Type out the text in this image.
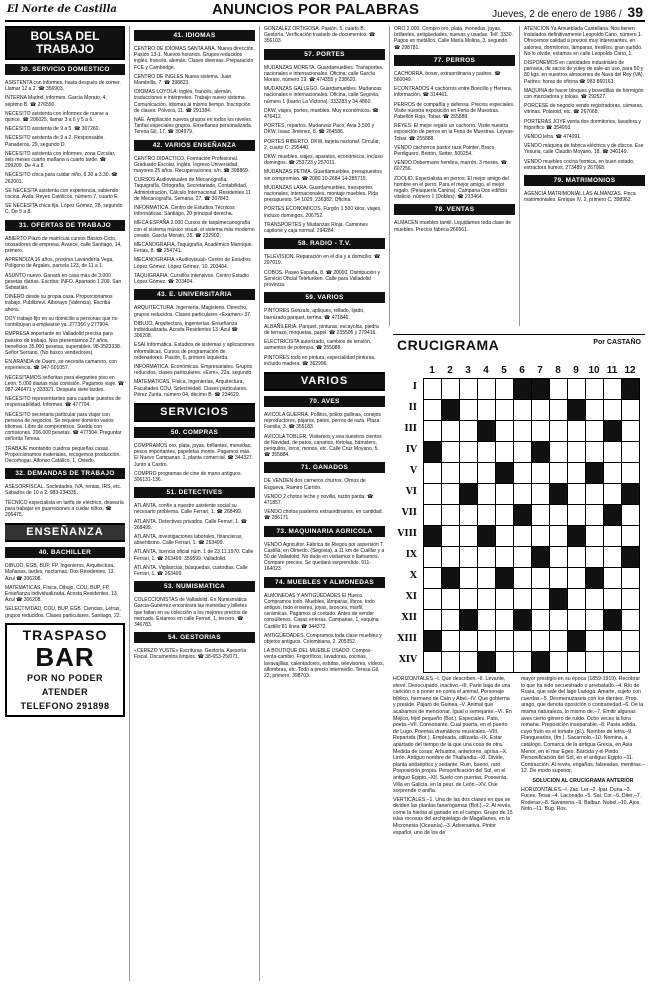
El Norte de Castilla	ANUNCIOS POR PALABRAS	Jueves, 2 de enero de 1986 / 39
BOLSA DEL
TRABAJO
30. SERVICIO DOMESTICO

ASISTENTA con informes, hasta después de comer. Llamar 12 a 2. ☎ 356903.

INTERNA Madrid, informes. Garcia Morato, 4, séptimo B. ☎ 276550.

NECESITO asistenta con informes de nueve a quince. ☎ 206025, llamar 3 a 6 y 5 a 6.

NECESITO asistenta de 9 a 5. ☎ 307260.

NECESITO asistenta de 9 a 2. Responsable. Panaderos, 29, segundo D.

NECESITO asistenta con informes, zona Circular, seis meses cuarto mañana a cuarto tarde. ☎ 299209. De 4 a 8.

NECESITO chica para cuidar niño, 6.30 a 3.30. ☎ 262001.

SE NECESITA asistenta con experiencia, sabiendo cocina. Avda. Reyes Católicos, número 7, cuarto E.

SE NECESITA chica fija. López Gómez, 28, segundo C. De 5 a 8.

31. OFERTAS DE TRABAJO

ABIERTO Plazo de matrícula cursos Básico-Ciclo, ocosadores de empresa. Avance, calle Santiago, 14, primero.

APRENDIZA 16 años, proxima Lavandería Vega, Polígono de Argales, parcela 123, de 11 a 1.

ASUNTO nuevo. Ganará en casa más de 3.000 pesetas diarias. Escriba: INFO. Apartado 1.209. San Sebastián.

DINERO desde su propia casa. Proporcionamos trabajo. Publibrevi. Alborayo (Valencia). Escriba ahora.

DOY trabajo fijo en su domicilio a personas que no contribuyan a emplearse ya. 277366 y 277904.

EMPRESA importante en Valladolid precisa para puestos de trabajo. Nos presentamos 27 años, beneficios 35.000 pesetas, superables. 98-3523338. Señor Serrano. (No busco vendedores).

EN ARANDA de Duero, se necesita camarero, con experiencia. ☎ 947-501057.

NECESITAMOS señoritas para elegantes piso en León, 5.000 diarias más comisión. Pagamos viaje. ☎ 987-246471 y 333321. Después siete tardes.

NECESITO representantes para cuadrar puestos de responsabilidad. Informes. ☎ 477704.

NECESITO secretaria particular para viajar con persona de negocios. Se requiere dominio varios idiomas. Libre de compromisos. Sueldo con comisiones. 206.000 pesetas. ☎ 477304. Preguntar señorita Teresa.

TRABAJE montando cuadros pequeñas casas. Proporcionamos materiales, recogemos producción. Decorhogar. Alfonso Catálico, 1, Oviedo.

32. DEMANDAS DE TRABAJO

ASESORFISCAL. Sociedades, IVA, rentas, IRS, etc. Sábados de 10 a 2. 983-234335.

TÉCNICO especialista en tarifa de eléctrico, desearía para trabajar en guarniciones a cuidar niños. ☎ 206475.

ENSEÑANZA
40. BACHILLER

DIBUJO, EGB, BUP, FP. Ingenieros, Arquitectura, Mañanas, tardes, nocturnas. Dos Residentes, 13. Azul ☎ 306208.

MATEMATICAS, Física, Dibujo, COU, BUP, FP. Enseñanza individualizada. Acosta Residentes, 13. Azul ☎ 306208.

SELECTIVIDAD, COU, BUP, EGB. Ciencias, Letras, grupos reducidos. Clases particulares. Santiago, 22.

TRASPASO
BAR
POR NO PODER
ATENDER
TELEFONO 291898
41. IDIOMAS

CENTRO DE IDIOMAS SANTA ANA. Nueva dirección. Pasión 13-1. Nuevos horarios. Grupos reducidos inglés, francés, alemán. Clases diversas. Preparación FCE y Cambridge.

CENTRO DE INGLES Nueva sistema. Juan Mambrilla, 7. ☎ 398823.

IDIOMAS LOYOLA: inglés, francés, alemán, traducciones e intérpretes. Trabajo nuevo sistema. Comunicación. Idiomas al mismo tiempo. Inscripción de clases. Pólvora, 11. ☎ 291384.

NAE. Ampliación nuevos grupos en todos los niveles. Tarifas especiales grupos. Enseñanza personalizada. Teresa Gil, 17. ☎ 304979.

42. VARIOS ENSEÑANZA

CENTRO DIDACTICO. Formación Profesional. Graduado Escolar, Inglés. Ingreso Universidad, mayores 25 años. Recuperaciones, s/n. ☎ 398869.

CURSOS Audiovisuales de Mecanografía, Taquigrafía, Ortografía, Secretariado, Contabilidad, Administración, Cálculo Internacional. Residentes 11 de Mecanografía. Semana, 27. ☎ 307843.

INFORMATICA. Centro de Estudios Técnicos Informáticas. Santiago, 20 principal derecha.

MECA ESPAÑA 2.000 Cursos de taquimecanografía con el sistema músico visual, el sistema más moderno creado. García Morato, 35. ☎ 232902.

MECANOGRAFIA, Taquigrafía, Académico Manrique. Ferias, 8. ☎ 254741.

MECANOGRAFIA «Audiovisual» Centro de Estudios López Gómez. López Gómez, 10. 203404.

TAQUIGRAFIA. Cursillos intensivos. Centro Estudio López Gómez. ☎ 203404.

43. E. UNIVERSITARIA

ARQUITECTURA. Ingeniería, Magisterio. Derecho, grupos reducidos. Clases particulares «Examen» 37.

DIBUJO, Arquitectura, Ingenierías. Enseñanza individualizada. Acosta Residentes 13. Azul ☎ 306208.

ESAI Informática. Estudios de sistemas y aplicaciones informáticas. Cursos de programación de ordenadores. Pasión, 6, primero izquierda.

INFORMATICA. Económicas. Empresariales. Grupos reducidos, clases particulares. «Exm», 22a, segundo.

MATEMATICAS, Física, Ingenierías, Arquitectura, Facultades COU, Selectividad. Clases particulares. Pérez Zurita, número 04, décimo B. ☎ 234629.

SERVICIOS
50. COMPRAS

COMPRAMOS oro, plata, joyas, brillantes, monedas, pesos importantes, papeletas monte. Pagamos más. El Nuevo Campanas. 1, planta comercial. ☎ 344327. Junto a Castro.

COMPRO programas de cine de mano antiguos. 306131-136.

51. DETECTIVES

ATLANTA, confíe a nuestro asistente social su necesario problema. Calle Ferrari, 1. ☎ 268499.

ATLANTA. Detectives privados. Calle Ferrari, 1. ☎ 268499.

ATLANTA, investigaciones laborales, financieras, absentismo. Calle Ferrari, 1. ☎ 263499.

ATLANTA, licencia oficial núm. 1 de 23.11.1970. Calle Ferrari, 1. ☎ 263499. 359599. Valladolid.

ATLANTA. Vigilancias, búsquedas, custodias. Calle Ferrari, 1. ☎ 263499.

53. NUMISMATICA

COLECCIONISTAS de Valladolid. En Numismática Garcia-Gutiérrez encontrará las monedas y billetes que faltan en su colección a los mejores precios de mercado. Estamos en calle Ferrari, 1, tercero. ☎ 346783.

54. GESTORIAS

«CEREZO YUSTE» Escrituras. Gestoría. Asesoría Fiscal. Documentos limpios. ☎ 38-653-25/071.

GONZALEZ ORTIGOSA. Pasión, 5, cuarto B. Gestoría. Verificación traslado de documentos. ☎ 356103.

57. PORTES

MUDANZAS MORETA. Guardamuebles. Transportes, nacionales e internacionales. Oficina: calle García Morato, número 19. ☎ 474355 y 238620.

MUDANZAS GALLEGO. Guardamuebles. Mudanzas nacionales e internacionales. Oficina, calle Segovia, número 1 (barrio La Victoria). 333283 y 34 4860.

DKW, viajes, portes, muebles. Muy económicos. ☎ 476412.

PORTES, repartos. Mudanzas Paco, Avia 3.500 y DKW. Isaac Jiménez, 8. ☎ 264586.

PORTES RIBERTO. DKW, tarjeta nacional. Circular, 2, cuarto C. 295440.

DKW, muebles, viajes, aparatos, económicos, incluso domingos. ☎ 253723 y 257011.

MUDANZAS PETMA. Guardamuebles, presupuestos sin compromiso. ☎ 2080 10-2684 14-285715.

MUDANZAS LARA. Guardamuebles, transportes nacionales, internacionales, montaje muebles. Pida presupuesto. 54 1029. 236382. Oficina.

PORTES ECONOMICOS. Furgón 1.500 kilos, viajes, incluso domingos. 206752.

TRANSPORTES y Mudanzas Rioja. Camiones capitoné y caja normal. 294284.

58. RADIO - T.V.

TELEVISION. Reparación en el día y a domicilio. ☎ 297019.

COBOS. Paseo España, 8. ☎ 20000. Distribución y Servicio Oficial Telefunken. Calle para Valladolid provincia.

59. VARIOS

PINTORES Gonzalo, apliques, rellado, lijado, barnizado parquet, terrina. ☎ 471846.

ALBAÑILERIA. Parquet, pinturas, escayolas, piedra de terrazo, moquetas, papel. ☎ 235506 y 279416.

ELECTRICISTA autorizado, cambios de tensión, aumentos de potencia. ☎ 255088.

PINTORES todo en pintura, especialidad pinturas, incluido madera. ☎ 362996.

VARIOS
70. AVES

AVICOLA GUERRA. Pollitos, pollos gallinas, conejos reproductores, pájaros, patos, perros de raza. Plaza Familia, 3. ☎ 355183.

AVICOLA TOBLER. Visitemos y vea nuestros cientos de Navidad, de patos, canarios, tórtolas, hámsters, periquitos, loros, monos, etc. Calle Cruz Moyano, 5. ☎ 355884.

71. GANADOS

DE VENDEN dos carneros churros. Olmos de Esgueva. Ramiro Carrión.

VENDO 2 chotos leche y novilla, razón parda. ☎ 471857.

VENDO chotos pasteros extraordinarios, en cantidad. ☎ 286171.

73. MAQUINARIA AGRICOLA

VENDO Agricultor. Fábrica de Riegos por aspersión T. Castilla, en Olmedo. (Segovia), a 11 km de Cuéllar y a 50 de Valladolid. No dude en visitarnos o llamarnos. Compare precios. Se quedará sorprendido. 911-164023.

74. MUEBLES Y ALMONEDAS

ALMONEDAS Y ANTIGÜEDADES El Hueco. Compramos todo. Muebles, lámparas, libros, todo antiguo, todo enseres, joyas, bronces, marfil, cerámicas. Pagamos al contado. Antes de vender consúltenos. Casas enteras. Campanas, 1, esquina Castillo 81 línea ☎ 344372.

ANTIGÜEDADES. Compramos toda clase muebles y objetos antiguos. Colombiana, 2. 205352.

LA BOUTIQUE DEL MUEBLE USADO. Compra-venta-cambio. Frigoríficos, lavadoras, cocinas, lavavajillas, calentadores, estufas, televisores, vídeos, alfombras, etc. Todo a precio intermedio. Teresa Gil, 22, primero. 398703.

ORO 2.000. Compro oro, plata, monedas, joyas, brillantes, antigüedades, nuevas y usadas. Telf. 3330. Pagos en metálico. Calle María Molina, 3, segundo. ☎ 298781.

77. PERROS

CACHORRA, boxer, extraordinaria y padres. ☎ 560049.

ECONTRADOS 4 cachorros entre Boecillo y Herrera, información. ☎ 314461.

PERROS de compañía y defensa. Precios especiales. Visite nuestra exposición en Feria de Muestras. Pabellón Rojo. Tobar. ☎ 255888.

REYES. El mejor regalo un cachorro. Visite nuestra exposición de perros en la Feria de Muestras. Leyvas-Tobar. ☎ 255888.

VENDO cachorros pastor raza Pointer, Braco, Perdiguero, Bretón, Setter. 500254.

VENDO Dobermann hembra, marrón, 3 meses. ☎ 607256.

ZOOLID. Especialista en perros. El mejor amigo del hombre en el perro. Para el mejor amigo, el mejor regalo. (Peluquería Canina). Campana Dos edificio vitalicio, número 1 (Dobles). ☎ 213464.

78. VENTAS

ALMACEN muebles tamiil. Liquidamos toda clase de muebles. Precios fábrica 266561.

ATENCION Ya Amueblada Castellana. Nos tienen instalados definitivamente Leopoldo Cano, número 1. Ofrecemos calidad a precios muy interesantes, en salones, dormitorios, lámparas, tresillos, gran surtido. No lo olvide, estamos en calle Leopoldo Cano, 1.

DISPONEMOS en cantidades industriales de parravía, de sacos de yutey de sale-un uso, para 50 y 80 kgs. en nuestros almacenes de Nava del Rey (VA). Padres: horas de oficina ☎ 983 860163.

MAQUINA de hacer bloques y bovedillas de hormigón con mezcladora y toloas. ☎ 292527.

PORCESE de negocio vendo registradoras, cámaras, vitrinas, Polaroid, etc. ☎ 267068.

PORTERAS JOYE venta dos dormitorios, lavadora y frigorífico ☎ 354993.

VENDO letra. ☎ 474091.

VENDO máquina de fabrica eléctrica y de discos. Ese Yesuria, calle Claudio Moyano, 18. ☎ 340149.

VENDO muebles cocina formica, en buen estado, extractora humos. 273489 y 267068.

79. MATRIMONIOS

AGENCIA MATRIMONIAL LAS ALMANZAS. Finca matrimoniales. Enrique IV, 2, primero C. 398962.

CRUCIGRAMA	Por CASTAÑO
1	2	3	4	5	6	7	8	9 10 11 12
I
II
III
IV
V
VI
VII
VIII
IX
X
XI
XII
XIII
XIV

HORIZONTALES.–I. Que describen.–II. Levante, elevé. Desocupado, inactivo.–III. Parte baja de una canción o a poner en conta el animal. Personaje bíblico, hermano de Caín y Abel.–IV. Que gobierna y preside. Pájaro de Guinea.–V. Animal que acabamos de mencionar. Igual o semejante.–VI. En Méjico, frijol pequeño (Bot.). Especiales. Pato, poeta.–VII. Consonante. Cual puerta, en el puerto de Lugo. Poemas dramáticos musicales.–VIII. Repartida (Bot.). Empleada, utilizada.–IX. Estar apartado del tiempo de la que una cosa de otra. Medida de cosas. Arbustos, anteriores, aprisa.–X. Lirón. Antiguo nombre de Thailandia.–XI. Divide, planta antiséptico y sedante. Ruin, bueno, raro. Preposición propia. Personificación del Sol, en el antiguo Egipto.–XII. Suelo con puertas. Poseerás. Villa en Galicia, en la peur. de León.–XV. Ose sorprende o aniña.

VERTICALES.–1. Una de las dos clases en que se dividen las plantas fanerógamas (Bot.).–2. Al revés, come la hierba al ganado en el campo. Grupo de 15 islas rocosas del archipiélago de Magallanes, en la Micronesia (Oceanía).–3. Adversativa. Pintor español, uno de los de

mayor prestigio en su época (1859-1919). Recobrar lo que ha sido secuestrado o arrebatado.–4. Río de Rusia, que sale del lago Ladoga. Amarte, sujeto con cuerdas.–5. Desmenuzaseis con los dientes. Prop. arago, que denota oposición o contrariedad.–6. De la misma naturaleza, lo mismo de.–7. Emitir algunas aves cierto género de ruido. Ocho veces la llora romana. Preposición inseparable.–8. Pasta sólida, cuyo fruto es el tomate (pl.). Nombre de letra.–9. Flanquearlos, (fm.). Sacarnolo.–10. Nomina, a catálogo. Comarca de la antigua Grecia, en Asia Menor, en el mar Egeo. Bárcida y el Pindo. Personificación del Sol, en el antiguo Egipto.–11. Contracción. Al revés, engañas, falseadas, mentiras.–12. De modo superior.

SOLUCION AL CRUCIGRAMA ANTERIOR

HORIZONTALES.–I. Zac. Ler.–2. Ipar. Duna.–3. Fuces. Tesar.–4. Laconado.–5. Sal. Cor.–6. Diter.–7. Roderas.–8. Savaneria.–9. Balbuz. Nubel.–10. Ajos. Noto.–11. Bug. Ros.
